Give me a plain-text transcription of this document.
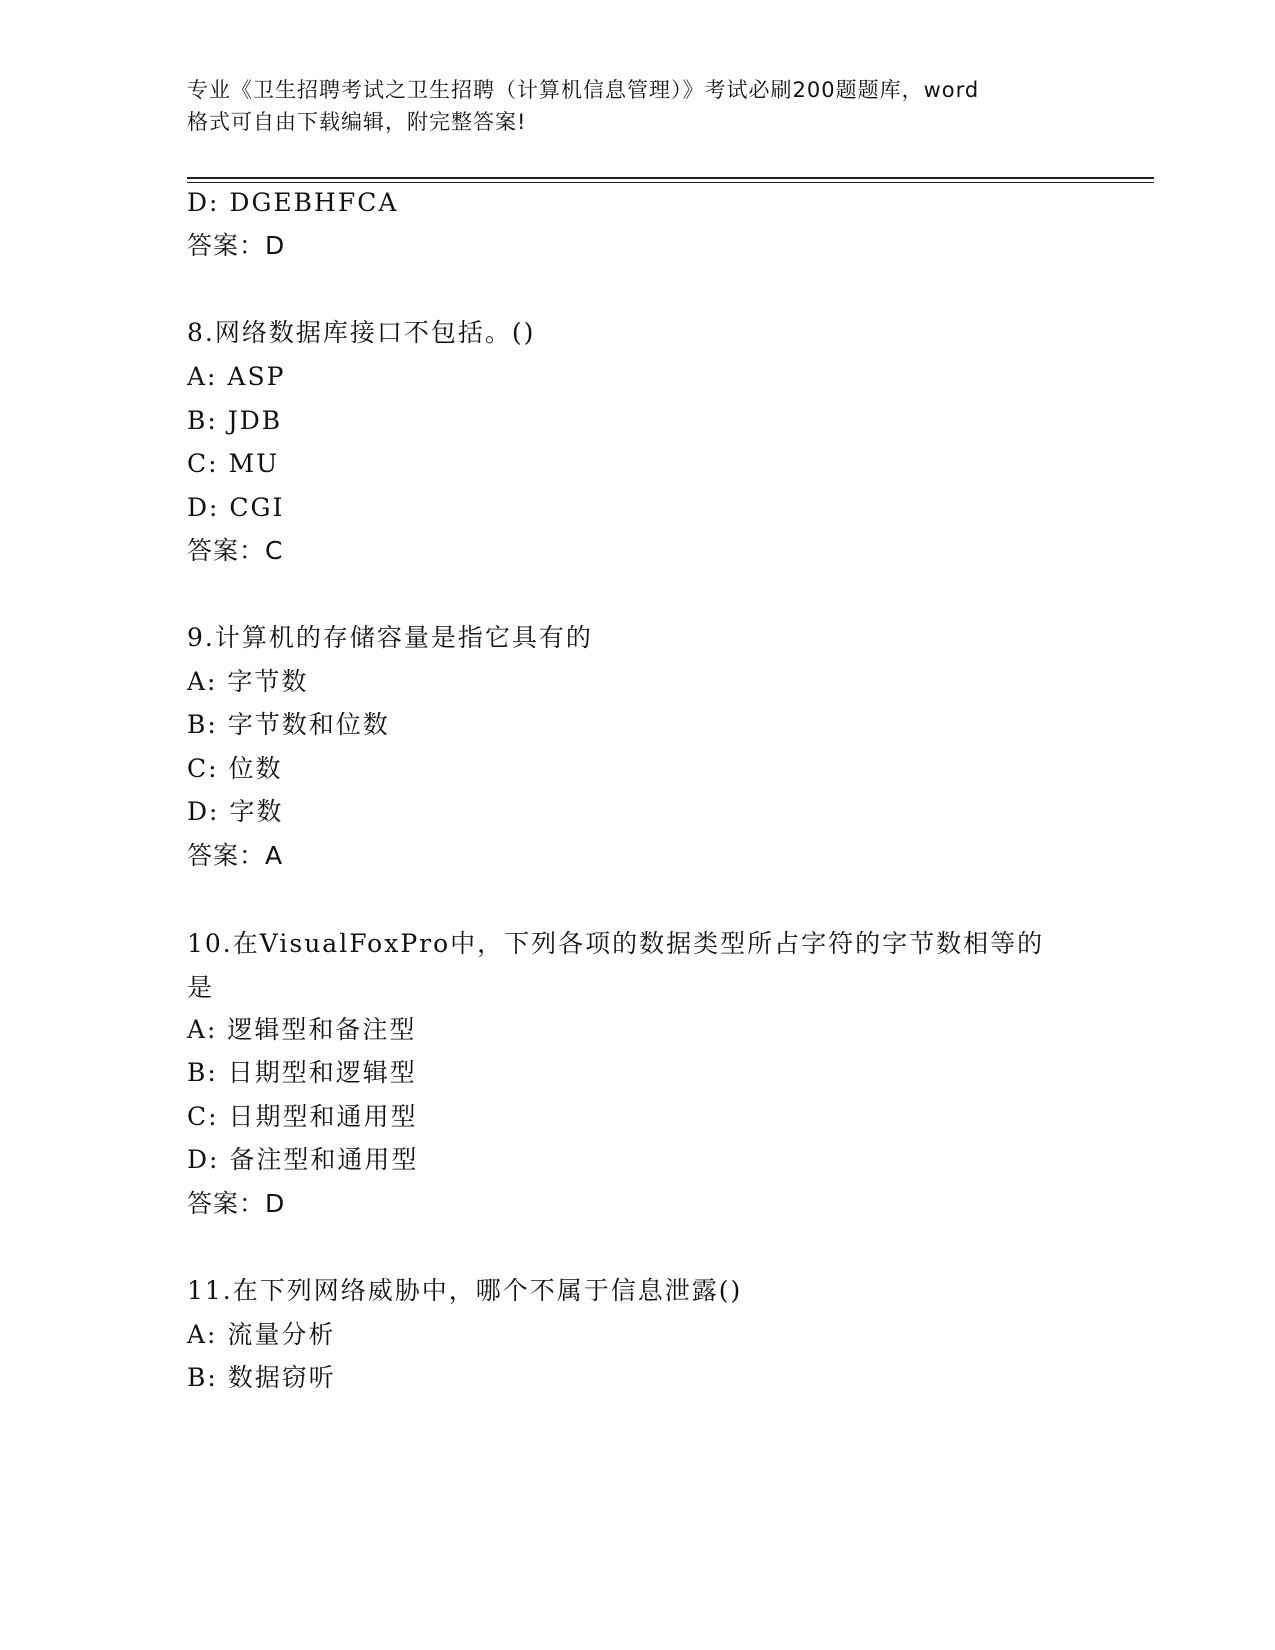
专业《卫生招聘考试之卫生招聘（计算机信息管理）》考试必刷200题题库，word
格式可自由下载编辑，附完整答案!
D: DGEBHFCA
答案：D
8.网络数据库接口不包括。()
A: ASP
B: JDB
C: MU
D: CGI
答案：C
9.计算机的存储容量是指它具有的
A: 字节数
B: 字节数和位数
C: 位数
D: 字数
答案：A
10.在VisualFoxPro中，下列各项的数据类型所占字符的字节数相等的是
A: 逻辑型和备注型
B: 日期型和逻辑型
C: 日期型和通用型
D: 备注型和通用型
答案：D
11.在下列网络威胁中，哪个不属于信息泄露()
A: 流量分析
B: 数据窃听
